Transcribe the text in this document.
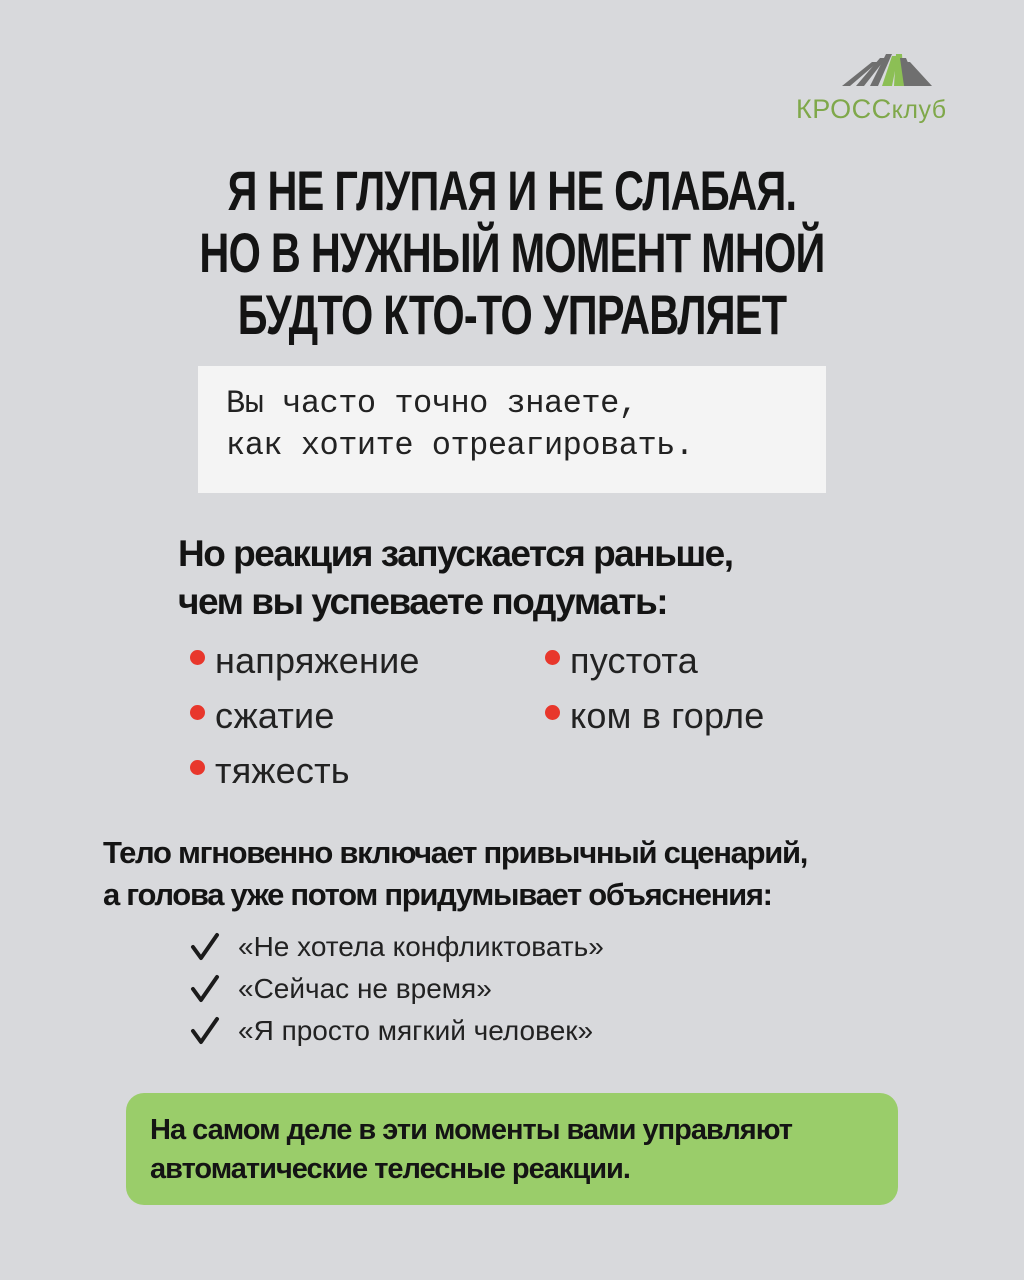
КРОССклуб
Я НЕ ГЛУПАЯ И НЕ СЛАБАЯ.
НО В НУЖНЫЙ МОМЕНТ МНОЙ
БУДТО КТО-ТО УПРАВЛЯЕТ
Вы часто точно знаете,
как хотите отреагировать.
Но реакция запускается раньше,
чем вы успеваете подумать:
напряжение
сжатие
тяжесть
пустота
ком в горле
Тело мгновенно включает привычный сценарий,
а голова уже потом придумывает объяснения:
«Не хотела конфликтовать»
«Сейчас не время»
«Я просто мягкий человек»
На самом деле в эти моменты вами управляют
автоматические телесные реакции.
